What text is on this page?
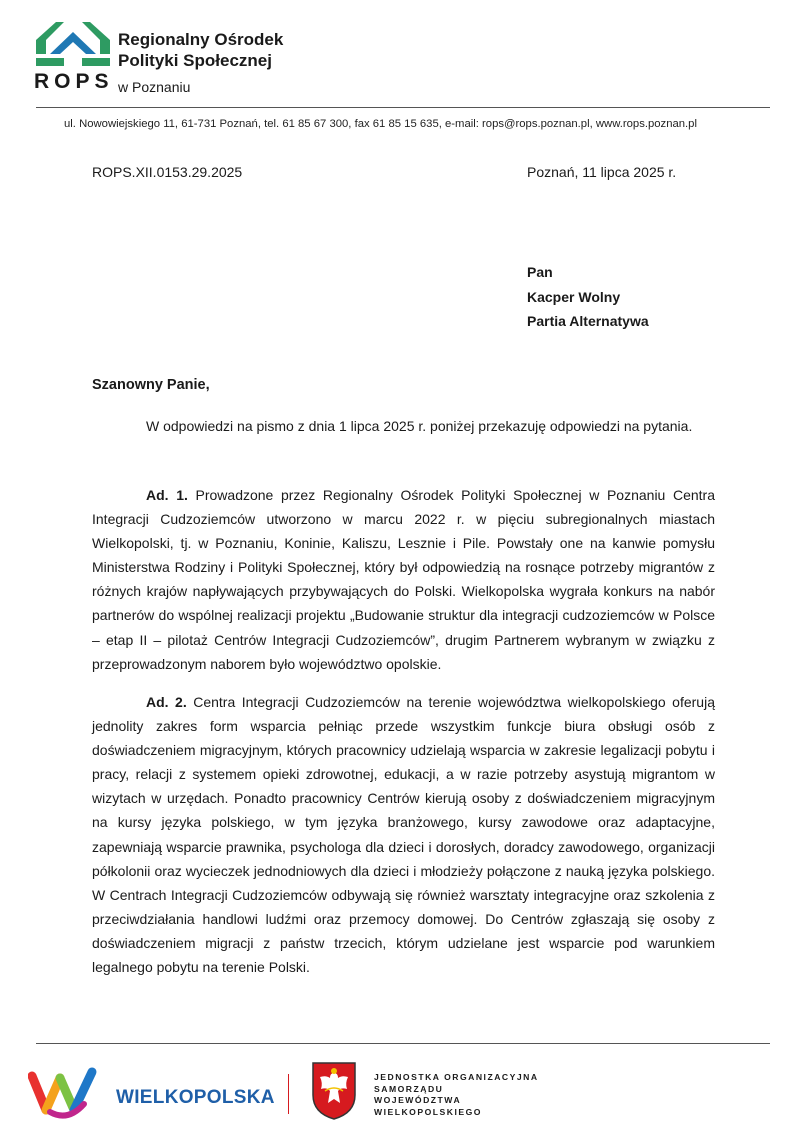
ROPS
Regionalny Ośrodek
Polityki Społecznej
w Poznaniu
ul. Nowowiejskiego 11, 61-731 Poznań, tel. 61 85 67 300, fax 61 85 15 635, e-mail: rops@rops.poznan.pl, www.rops.poznan.pl
ROPS.XII.0153.29.2025	Poznań, 11 lipca 2025 r.
Pan
Kacper Wolny
Partia Alternatywa
Szanowny Panie,

W odpowiedzi na pismo z dnia 1 lipca 2025 r. poniżej przekazuję odpowiedzi na pytania.

Ad. 1. Prowadzone przez Regionalny Ośrodek Polityki Społecznej w Poznaniu Centra Integracji Cudzoziemców utworzono w marcu 2022 r. w pięciu subregionalnych miastach Wielkopolski, tj. w Poznaniu, Koninie, Kaliszu, Lesznie i Pile. Powstały one na kanwie pomysłu Ministerstwa Rodziny i Polityki Społecznej, który był odpowiedzią na rosnące potrzeby migrantów z różnych krajów napływających przybywających do Polski. Wielkopolska wygrała konkurs na nabór partnerów do wspólnej realizacji projektu „Budowanie struktur dla integracji cudzoziemców w Polsce – etap II – pilotaż Centrów Integracji Cudzoziemców”, drugim Partnerem wybranym w związku z przeprowadzonym naborem było województwo opolskie.

Ad. 2. Centra Integracji Cudzoziemców na terenie województwa wielkopolskiego oferują jednolity zakres form wsparcia pełniąc przede wszystkim funkcje biura obsługi osób z doświadczeniem migracyjnym, których pracownicy udzielają wsparcia w zakresie legalizacji pobytu i pracy, relacji z systemem opieki zdrowotnej, edukacji, a w razie potrzeby asystują migrantom w wizytach w urzędach. Ponadto pracownicy Centrów kierują osoby z doświadczeniem migracyjnym na kursy języka polskiego, w tym języka branżowego, kursy zawodowe oraz adaptacyjne, zapewniają wsparcie prawnika, psychologa dla dzieci i dorosłych, doradcy zawodowego, organizacji półkolonii oraz wycieczek jednodniowych dla dzieci i młodzieży połączone z nauką języka polskiego. W Centrach Integracji Cudzoziemców odbywają się również warsztaty integracyjne oraz szkolenia z przeciwdziałania handlowi ludźmi oraz przemocy domowej. Do Centrów zgłaszają się osoby z doświadczeniem migracji z państw trzecich, którym udzielane jest wsparcie pod warunkiem legalnego pobytu na terenie Polski.

WIELKOPOLSKA
JEDNOSTKA ORGANIZACYJNA
SAMORZĄDU
WOJEWÓDZTWA
WIELKOPOLSKIEGO
